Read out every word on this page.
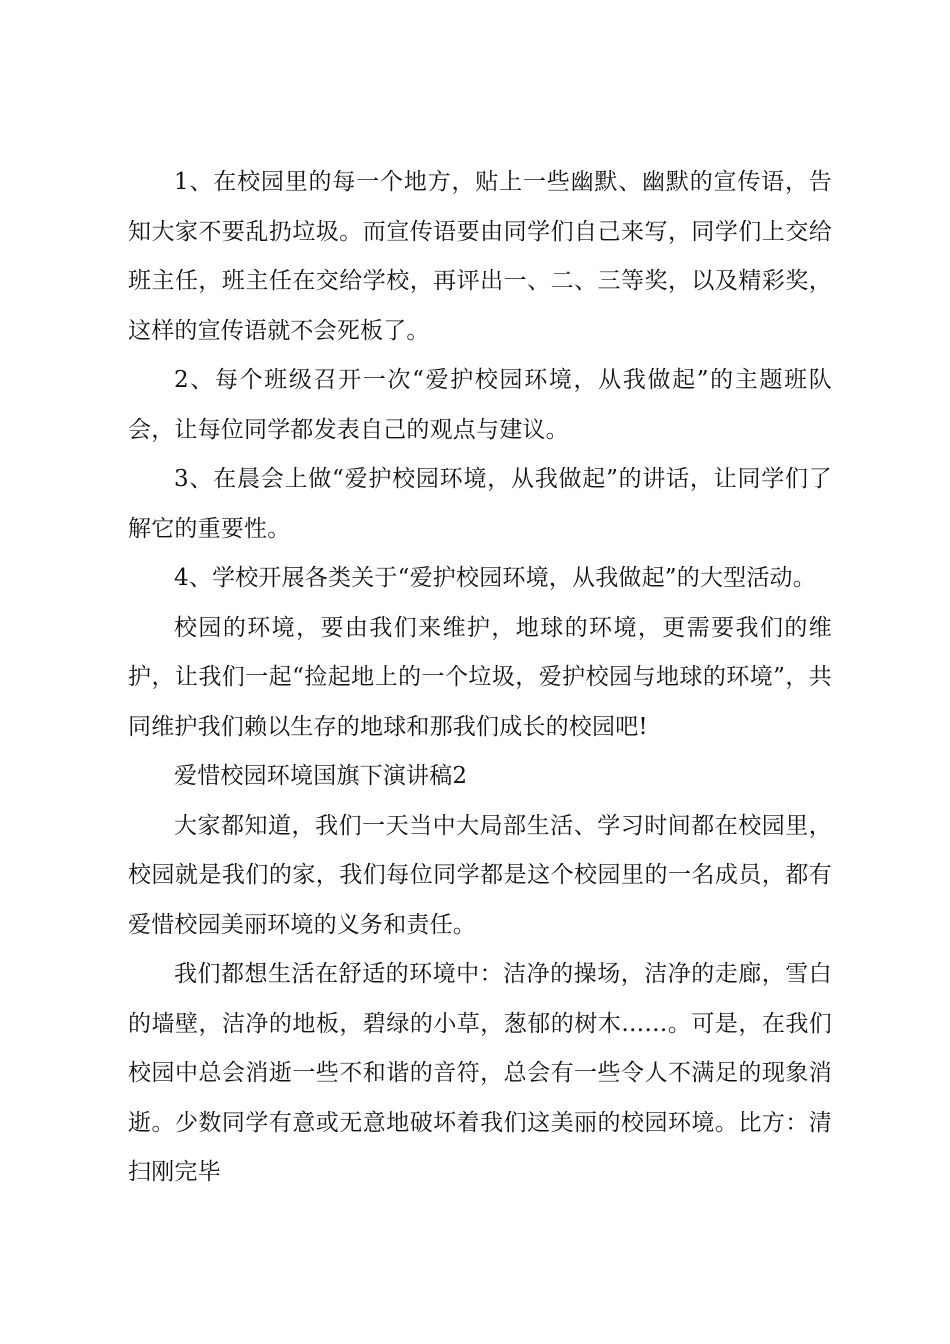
1、在校园里的每一个地方，贴上一些幽默、幽默的宣传语，告知大家不要乱扔垃圾。而宣传语要由同学们自己来写，同学们上交给班主任，班主任在交给学校，再评出一、二、三等奖，以及精彩奖，这样的宣传语就不会死板了。

2、每个班级召开一次“爱护校园环境，从我做起”的主题班队会，让每位同学都发表自己的观点与建议。

3、在晨会上做“爱护校园环境，从我做起”的讲话，让同学们了解它的重要性。

4、学校开展各类关于“爱护校园环境，从我做起”的大型活动。

校园的环境，要由我们来维护，地球的环境，更需要我们的维护，让我们一起“捡起地上的一个垃圾，爱护校园与地球的环境”，共同维护我们赖以生存的地球和那我们成长的校园吧!

爱惜校园环境国旗下演讲稿2

大家都知道，我们一天当中大局部生活、学习时间都在校园里，校园就是我们的家，我们每位同学都是这个校园里的一名成员，都有爱惜校园美丽环境的义务和责任。

我们都想生活在舒适的环境中：洁净的操场，洁净的走廊，雪白的墙壁，洁净的地板，碧绿的小草，葱郁的树木……。可是，在我们校园中总会消逝一些不和谐的音符，总会有一些令人不满足的现象消逝。少数同学有意或无意地破坏着我们这美丽的校园环境。比方：清扫刚完毕
